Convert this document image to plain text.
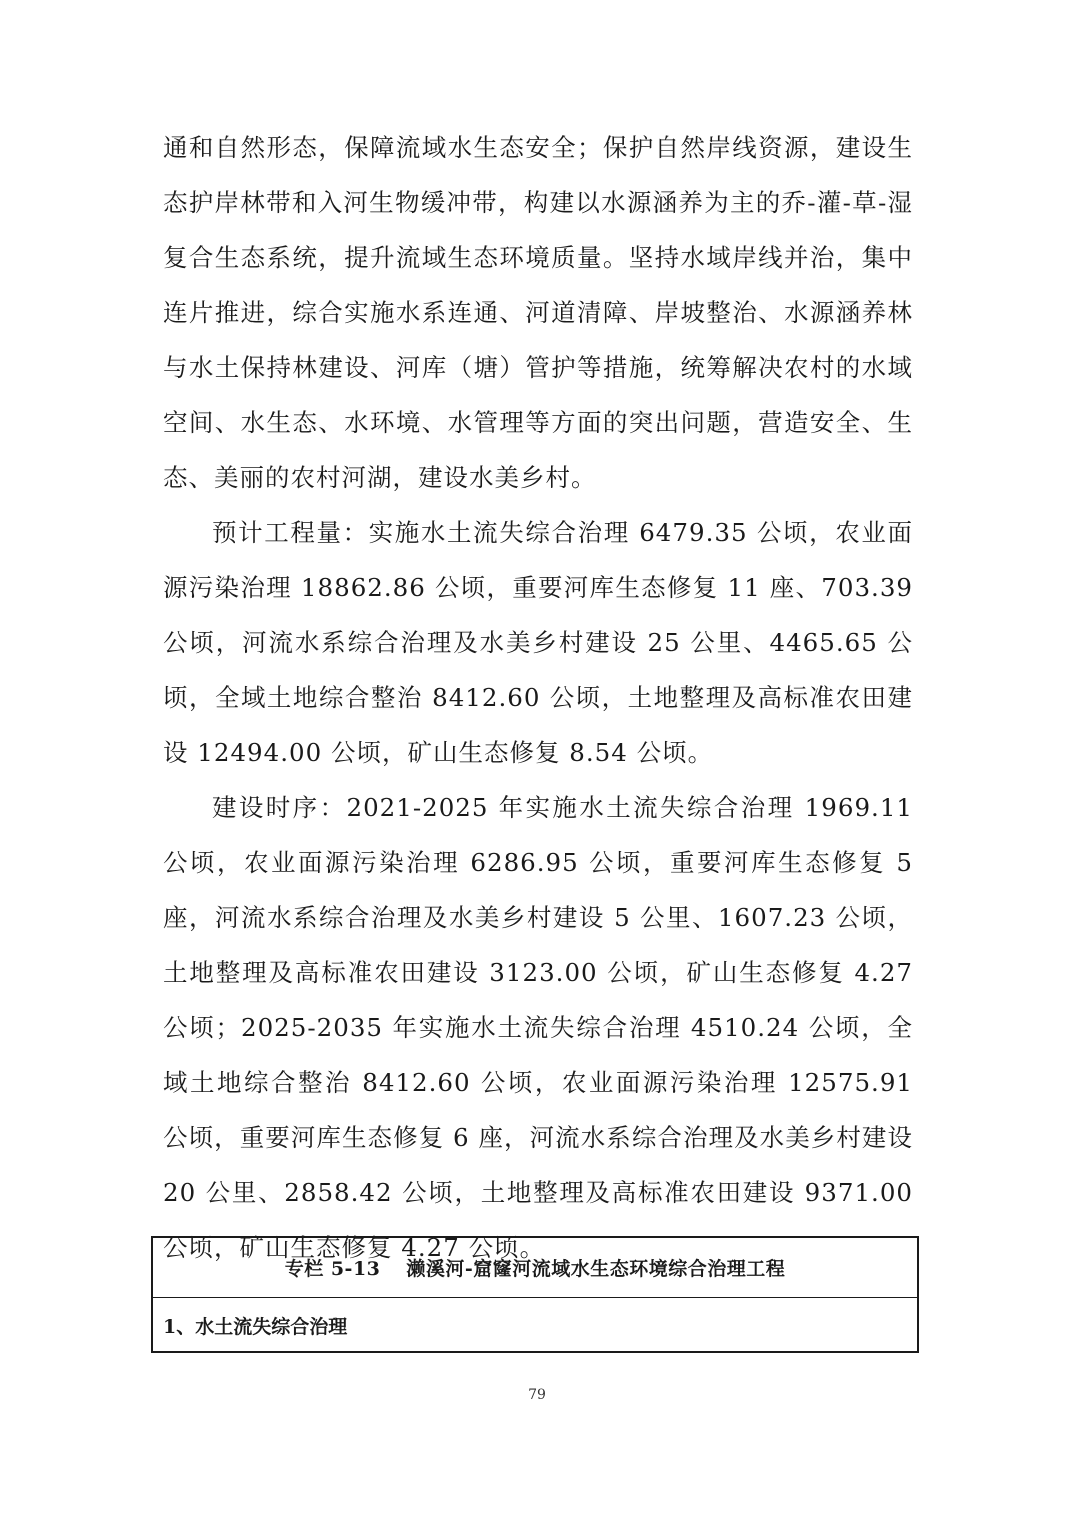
通和自然形态，保障流域水生态安全；保护自然岸线资源，建设生态护岸林带和入河生物缓冲带，构建以水源涵养为主的乔-灌-草-湿复合生态系统，提升流域生态环境质量。坚持水域岸线并治，集中连片推进，综合实施水系连通、河道清障、岸坡整治、水源涵养林与水土保持林建设、河库（塘）管护等措施，统筹解决农村的水域空间、水生态、水环境、水管理等方面的突出问题，营造安全、生态、美丽的农村河湖，建设水美乡村。

预计工程量：实施水土流失综合治理 6479.35 公顷，农业面源污染治理 18862.86 公顷，重要河库生态修复 11 座、703.39 公顷，河流水系综合治理及水美乡村建设 25 公里、4465.65 公顷，全域土地综合整治 8412.60 公顷，土地整理及高标准农田建设 12494.00 公顷，矿山生态修复 8.54 公顷。

建设时序：2021-2025 年实施水土流失综合治理 1969.11 公顷，农业面源污染治理 6286.95 公顷，重要河库生态修复 5 座，河流水系综合治理及水美乡村建设 5 公里、1607.23 公顷，土地整理及高标准农田建设 3123.00 公顷，矿山生态修复 4.27 公顷；2025-2035 年实施水土流失综合治理 4510.24 公顷，全域土地综合整治 8412.60 公顷，农业面源污染治理 12575.91 公顷，重要河库生态修复 6 座，河流水系综合治理及水美乡村建设 20 公里、2858.42 公顷，土地整理及高标准农田建设 9371.00 公顷，矿山生态修复 4.27 公顷。

专栏 5-13 濑溪河-窟窿河流域水生态环境综合治理工程
1、水土流失综合治理
79
